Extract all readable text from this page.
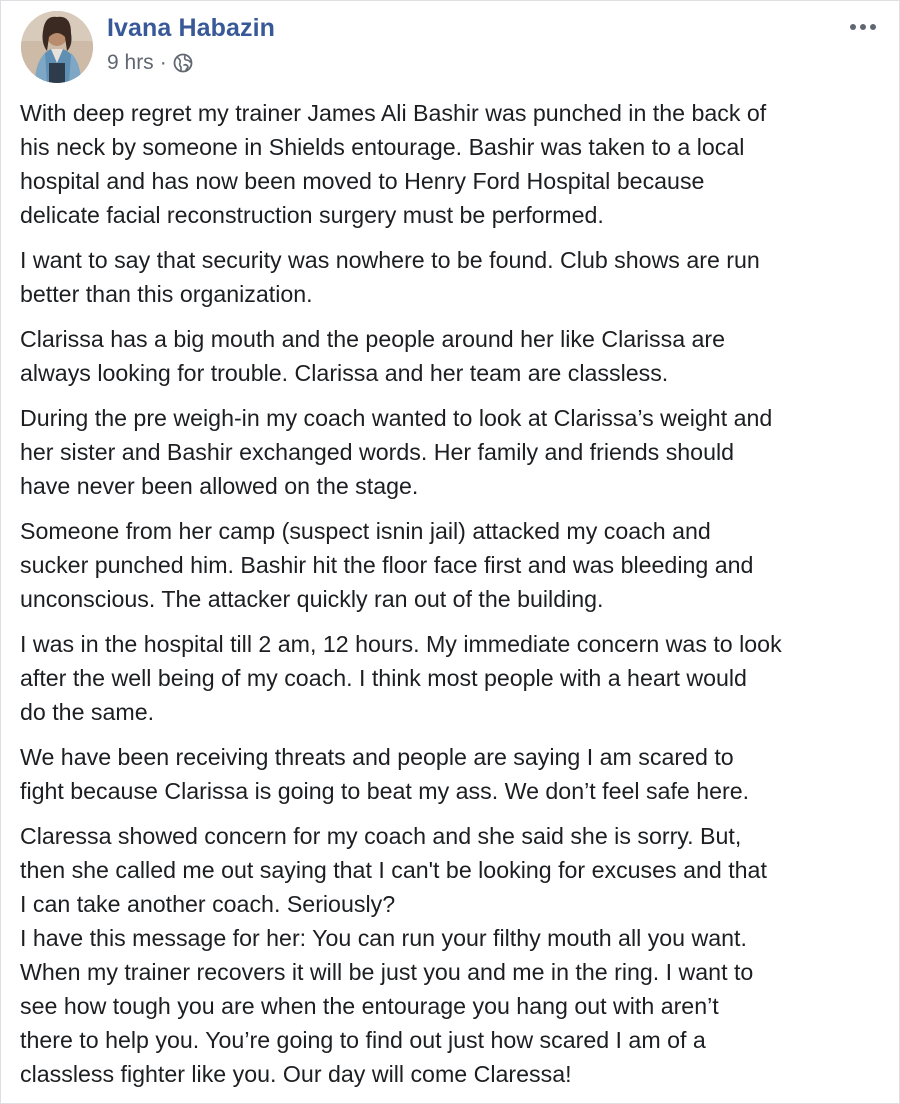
Ivana Habazin
9 hrs ·

With deep regret my trainer James Ali Bashir was punched in the back of
his neck by someone in Shields entourage. Bashir was taken to a local
hospital and has now been moved to Henry Ford Hospital because
delicate facial reconstruction surgery must be performed.

I want to say that security was nowhere to be found. Club shows are run
better than this organization.

Clarissa has a big mouth and the people around her like Clarissa are
always looking for trouble. Clarissa and her team are classless.

During the pre weigh-in my coach wanted to look at Clarissa’s weight and
her sister and Bashir exchanged words. Her family and friends should
have never been allowed on the stage.

Someone from her camp (suspect isnin jail) attacked my coach and
sucker punched him. Bashir hit the floor face first and was bleeding and
unconscious. The attacker quickly ran out of the building.

I was in the hospital till 2 am, 12 hours. My immediate concern was to look
after the well being of my coach. I think most people with a heart would
do the same.

We have been receiving threats and people are saying I am scared to
fight because Clarissa is going to beat my ass. We don’t feel safe here.

Claressa showed concern for my coach and she said she is sorry. But,
then she called me out saying that I can't be looking for excuses and that
I can take another coach. Seriously?

I have this message for her: You can run your filthy mouth all you want.
When my trainer recovers it will be just you and me in the ring. I want to
see how tough you are when the entourage you hang out with aren’t
there to help you. You’re going to find out just how scared I am of a
classless fighter like you. Our day will come Claressa!
